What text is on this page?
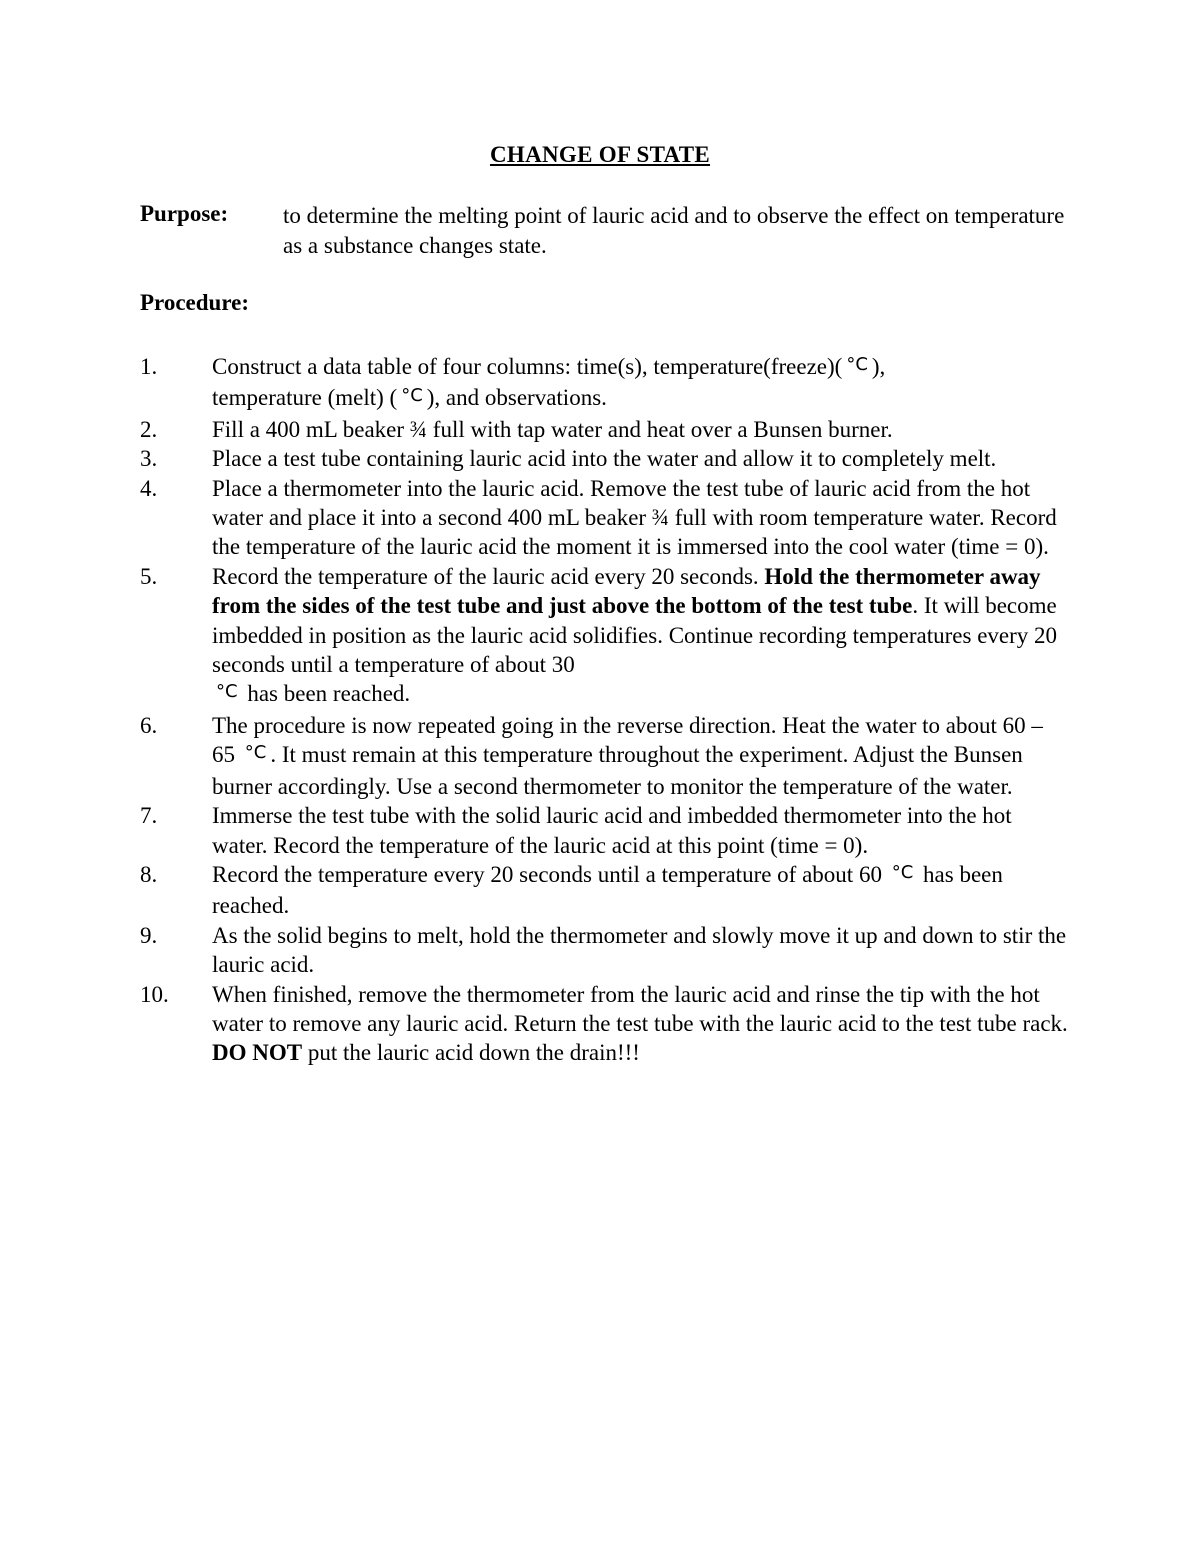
CHANGE OF STATE
Purpose: to determine the melting point of lauric acid and to observe the effect on temperature as a substance changes state.
Procedure:
1.	Construct a data table of four columns: time(s), temperature(freeze)( °C ),
temperature (melt) ( °C ), and observations.
2.	Fill a 400 mL beaker ¾ full with tap water and heat over a Bunsen burner.
3.	Place a test tube containing lauric acid into the water and allow it to completely melt.
4.	Place a thermometer into the lauric acid. Remove the test tube of lauric acid from the hot water and place it into a second 400 mL beaker ¾ full with room temperature water. Record the temperature of the lauric acid the moment it is immersed into the cool water (time = 0).
5.	Record the temperature of the lauric acid every 20 seconds. Hold the thermometer away from the sides of the test tube and just above the bottom of the test tube. It will become imbedded in position as the lauric acid solidifies. Continue recording temperatures every 20 seconds until a temperature of about 30
°C has been reached.
6.	The procedure is now repeated going in the reverse direction. Heat the water to about 60 – 65 °C . It must remain at this temperature throughout the experiment. Adjust the Bunsen burner accordingly. Use a second thermometer to monitor the temperature of the water.
7.	Immerse the test tube with the solid lauric acid and imbedded thermometer into the hot water. Record the temperature of the lauric acid at this point (time = 0).
8.	Record the temperature every 20 seconds until a temperature of about 60 °C has been reached.
9.	As the solid begins to melt, hold the thermometer and slowly move it up and down to stir the lauric acid.
10.	When finished, remove the thermometer from the lauric acid and rinse the tip with the hot water to remove any lauric acid. Return the test tube with the lauric acid to the test tube rack. DO NOT put the lauric acid down the drain!!!
